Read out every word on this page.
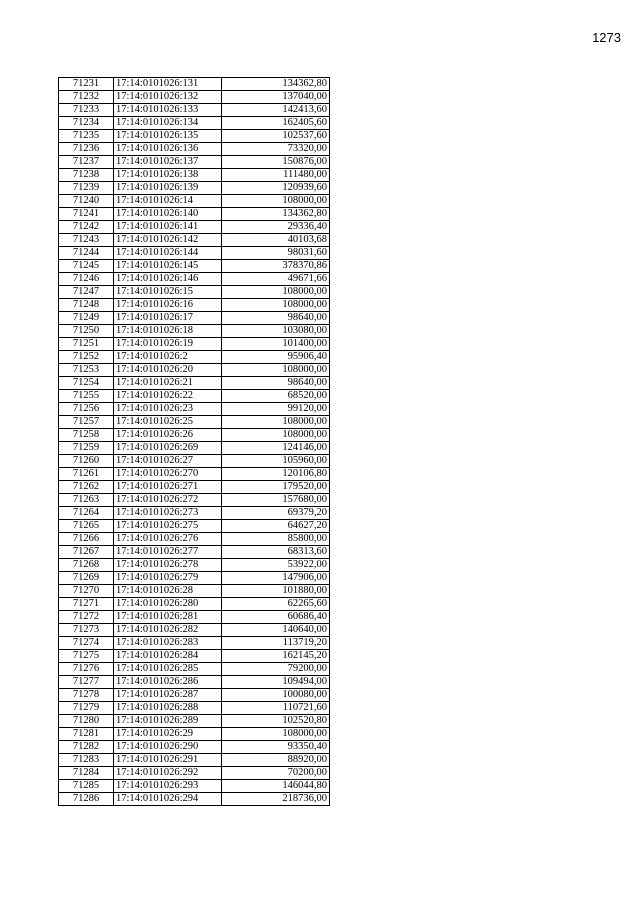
1273
71231	17:14:0101026:131	134362,80
71232	17:14:0101026:132	137040,00
71233	17:14:0101026:133	142413,60
71234	17:14:0101026:134	162405,60
71235	17:14:0101026:135	102537,60
71236	17:14:0101026:136	73320,00
71237	17:14:0101026:137	150876,00
71238	17:14:0101026:138	111480,00
71239	17:14:0101026:139	120939,60
71240	17:14:0101026:14	108000,00
71241	17:14:0101026:140	134362,80
71242	17:14:0101026:141	29336,40
71243	17:14:0101026:142	40103,68
71244	17:14:0101026:144	98031,60
71245	17:14:0101026:145	378370,86
71246	17:14:0101026:146	49671,66
71247	17:14:0101026:15	108000,00
71248	17:14:0101026:16	108000,00
71249	17:14:0101026:17	98640,00
71250	17:14:0101026:18	103080,00
71251	17:14:0101026:19	101400,00
71252	17:14:0101026:2	95906,40
71253	17:14:0101026:20	108000,00
71254	17:14:0101026:21	98640,00
71255	17:14:0101026:22	68520,00
71256	17:14:0101026:23	99120,00
71257	17:14:0101026:25	108000,00
71258	17:14:0101026:26	108000,00
71259	17:14:0101026:269	124146,00
71260	17:14:0101026:27	105960,00
71261	17:14:0101026:270	120106,80
71262	17:14:0101026:271	179520,00
71263	17:14:0101026:272	157680,00
71264	17:14:0101026:273	69379,20
71265	17:14:0101026:275	64627,20
71266	17:14:0101026:276	85800,00
71267	17:14:0101026:277	68313,60
71268	17:14:0101026:278	53922,00
71269	17:14:0101026:279	147906,00
71270	17:14:0101026:28	101880,00
71271	17:14:0101026:280	62265,60
71272	17:14:0101026:281	60686,40
71273	17:14:0101026:282	140640,00
71274	17:14:0101026:283	113719,20
71275	17:14:0101026:284	162145,20
71276	17:14:0101026:285	79200,00
71277	17:14:0101026:286	109494,00
71278	17:14:0101026:287	100080,00
71279	17:14:0101026:288	110721,60
71280	17:14:0101026:289	102520,80
71281	17:14:0101026:29	108000,00
71282	17:14:0101026:290	93350,40
71283	17:14:0101026:291	88920,00
71284	17:14:0101026:292	70200,00
71285	17:14:0101026:293	146044,80
71286	17:14:0101026:294	218736,00
